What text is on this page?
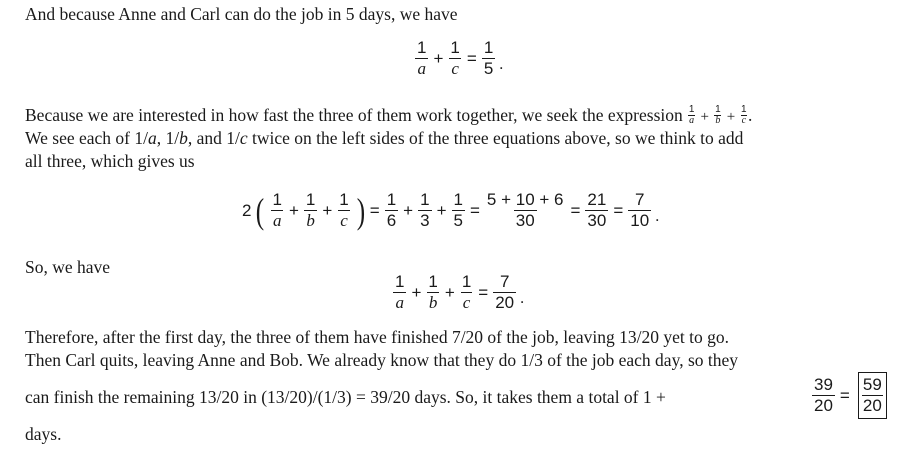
And because Anne and Carl can do the job in 5 days, we have
$\frac{1}{a} + \frac{1}{c} = \frac{1}{5}$ .
Because we are interested in how fast the three of them work together, we seek the expression $\frac{1}{a} + \frac{1}{b} + \frac{1}{c}$ .
We see each of 1/a, 1/b, and 1/c twice on the left sides of the three equations above, so we think to add
all three, which gives us
2 ( $\frac{1}{a} + \frac{1}{b} + \frac{1}{c}$ ) = $\frac{1}{6} + \frac{1}{3} + \frac{1}{5} = \frac{5 + 10 + 6}{30} = \frac{21}{30} = \frac{7}{10}$ .
So, we have
$\frac{1}{a} + \frac{1}{b} + \frac{1}{c} = \frac{7}{20}$ .
Therefore, after the first day, the three of them have finished 7/20 of the job, leaving 13/20 yet to go.
Then Carl quits, leaving Anne and Bob. We already know that they do 1/3 of the job each day, so they
can finish the remaining 13/20 in (13/20)/(1/3) = 39/20 days. So, it takes them a total of 1 +	$\frac{39}{20} = \frac{59}{20}$
days.
